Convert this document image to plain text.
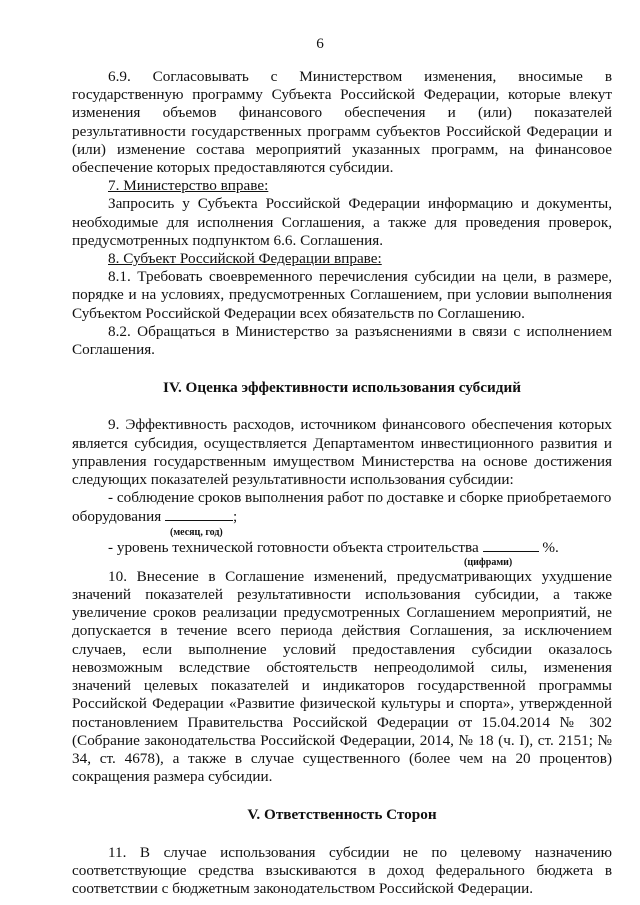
6

6.9. Согласовывать с Министерством изменения, вносимые в государственную программу Субъекта Российской Федерации, которые влекут изменения объемов финансового обеспечения и (или) показателей результативности государственных программ субъектов Российской Федерации и (или) изменение состава мероприятий указанных программ, на финансовое обеспечение которых предоставляются субсидии.

7. Министерство вправе:

Запросить у Субъекта Российской Федерации информацию и документы, необходимые для исполнения Соглашения, а также для проведения проверок, предусмотренных подпунктом 6.6. Соглашения.

8. Субъект Российской Федерации вправе:

8.1. Требовать своевременного перечисления субсидии на цели, в размере, порядке и на условиях, предусмотренных Соглашением, при условии выполнения Субъектом Российской Федерации всех обязательств по Соглашению.

8.2. Обращаться в Министерство за разъяснениями в связи с исполнением Соглашения.

IV. Оценка эффективности использования субсидий

9. Эффективность расходов, источником финансового обеспечения которых является субсидия, осуществляется Департаментом инвестиционного развития и управления государственным имуществом Министерства на основе достижения следующих показателей результативности использования субсидии:

- соблюдение сроков выполнения работ по доставке и сборке приобретаемого

оборудования	;

(месяц, год)

- уровень технической готовности объекта строительства	%.

(цифрами)

10. Внесение в Соглашение изменений, предусматривающих ухудшение значений показателей результативности использования субсидии, а также увеличение сроков реализации предусмотренных Соглашением мероприятий, не допускается в течение всего периода действия Соглашения, за исключением случаев, если выполнение условий предоставления субсидии оказалось невозможным вследствие обстоятельств непреодолимой силы, изменения значений целевых показателей и индикаторов государственной программы Российской Федерации «Развитие физической культуры и спорта», утвержденной постановлением Правительства Российской Федерации от 15.04.2014 № 302 (Собрание законодательства Российской Федерации, 2014, № 18 (ч. I), ст. 2151; № 34, ст. 4678), а также в случае существенного (более чем на 20 процентов) сокращения размера субсидии.

V. Ответственность Сторон

11. В случае использования субсидии не по целевому назначению соответствующие средства взыскиваются в доход федерального бюджета в соответствии с бюджетным законодательством Российской Федерации.
